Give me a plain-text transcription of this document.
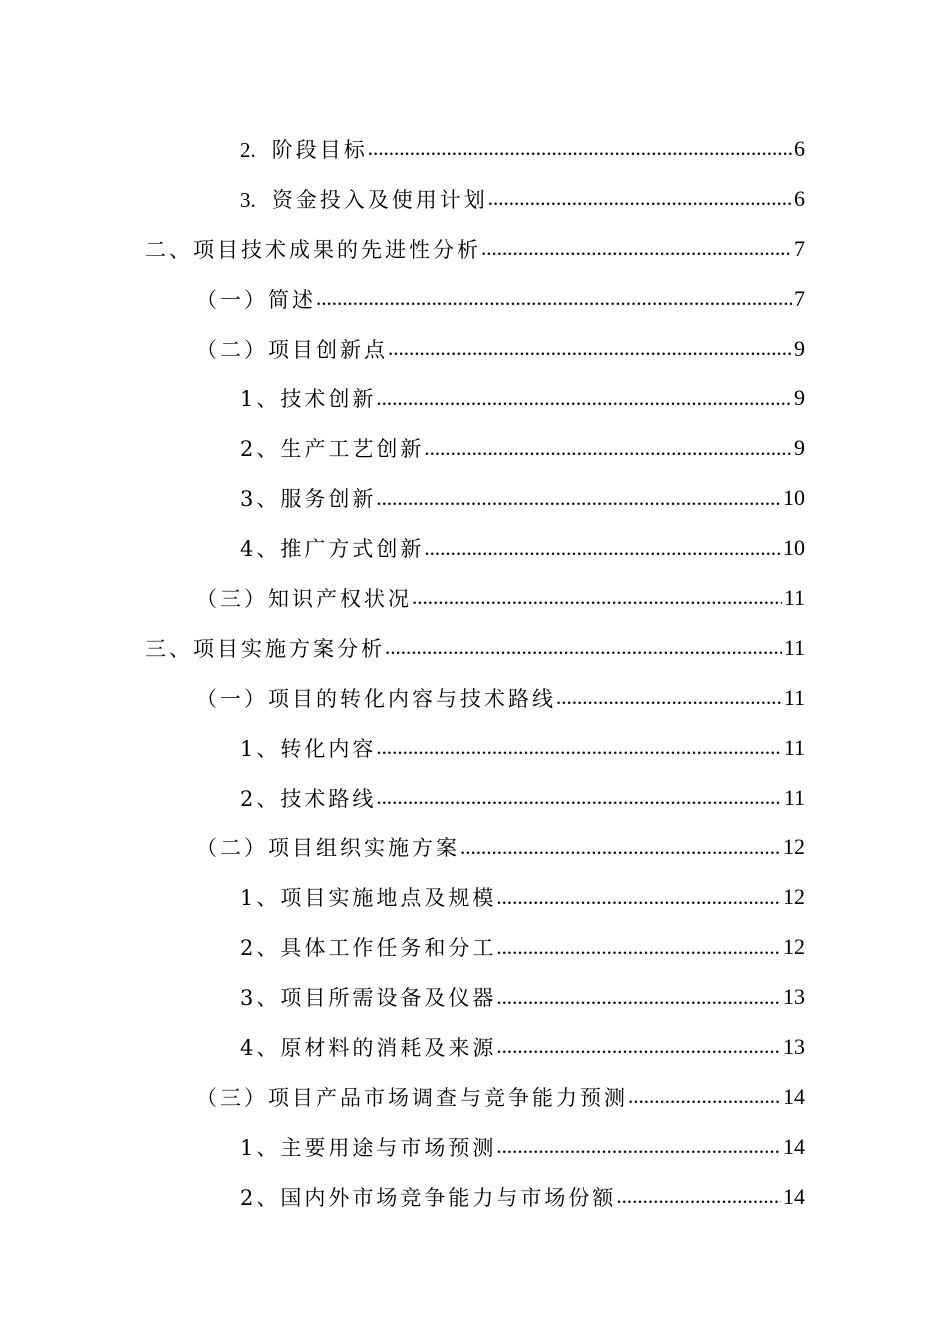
2. 阶段目标 .....	6
3. 资金投入及使用计划 .....	6
二、项目技术成果的先进性分析 .....	7
（一）简述 .....	7
（二）项目创新点 .....	9
1、技术创新 .....	9
2、生产工艺创新 .....	9
3、服务创新 .....	10
4、推广方式创新 .....	10
（三）知识产权状况 .....	11
三、项目实施方案分析 .....	11
（一）项目的转化内容与技术路线 .....	11
1、转化内容 .....	11
2、技术路线 .....	11
（二）项目组织实施方案 .....	12
1、项目实施地点及规模 .....	12
2、具体工作任务和分工 .....	12
3、项目所需设备及仪器 .....	13
4、原材料的消耗及来源 .....	13
（三）项目产品市场调查与竞争能力预测 .....	14
1、主要用途与市场预测 .....	14
2、国内外市场竞争能力与市场份额 .....	14
